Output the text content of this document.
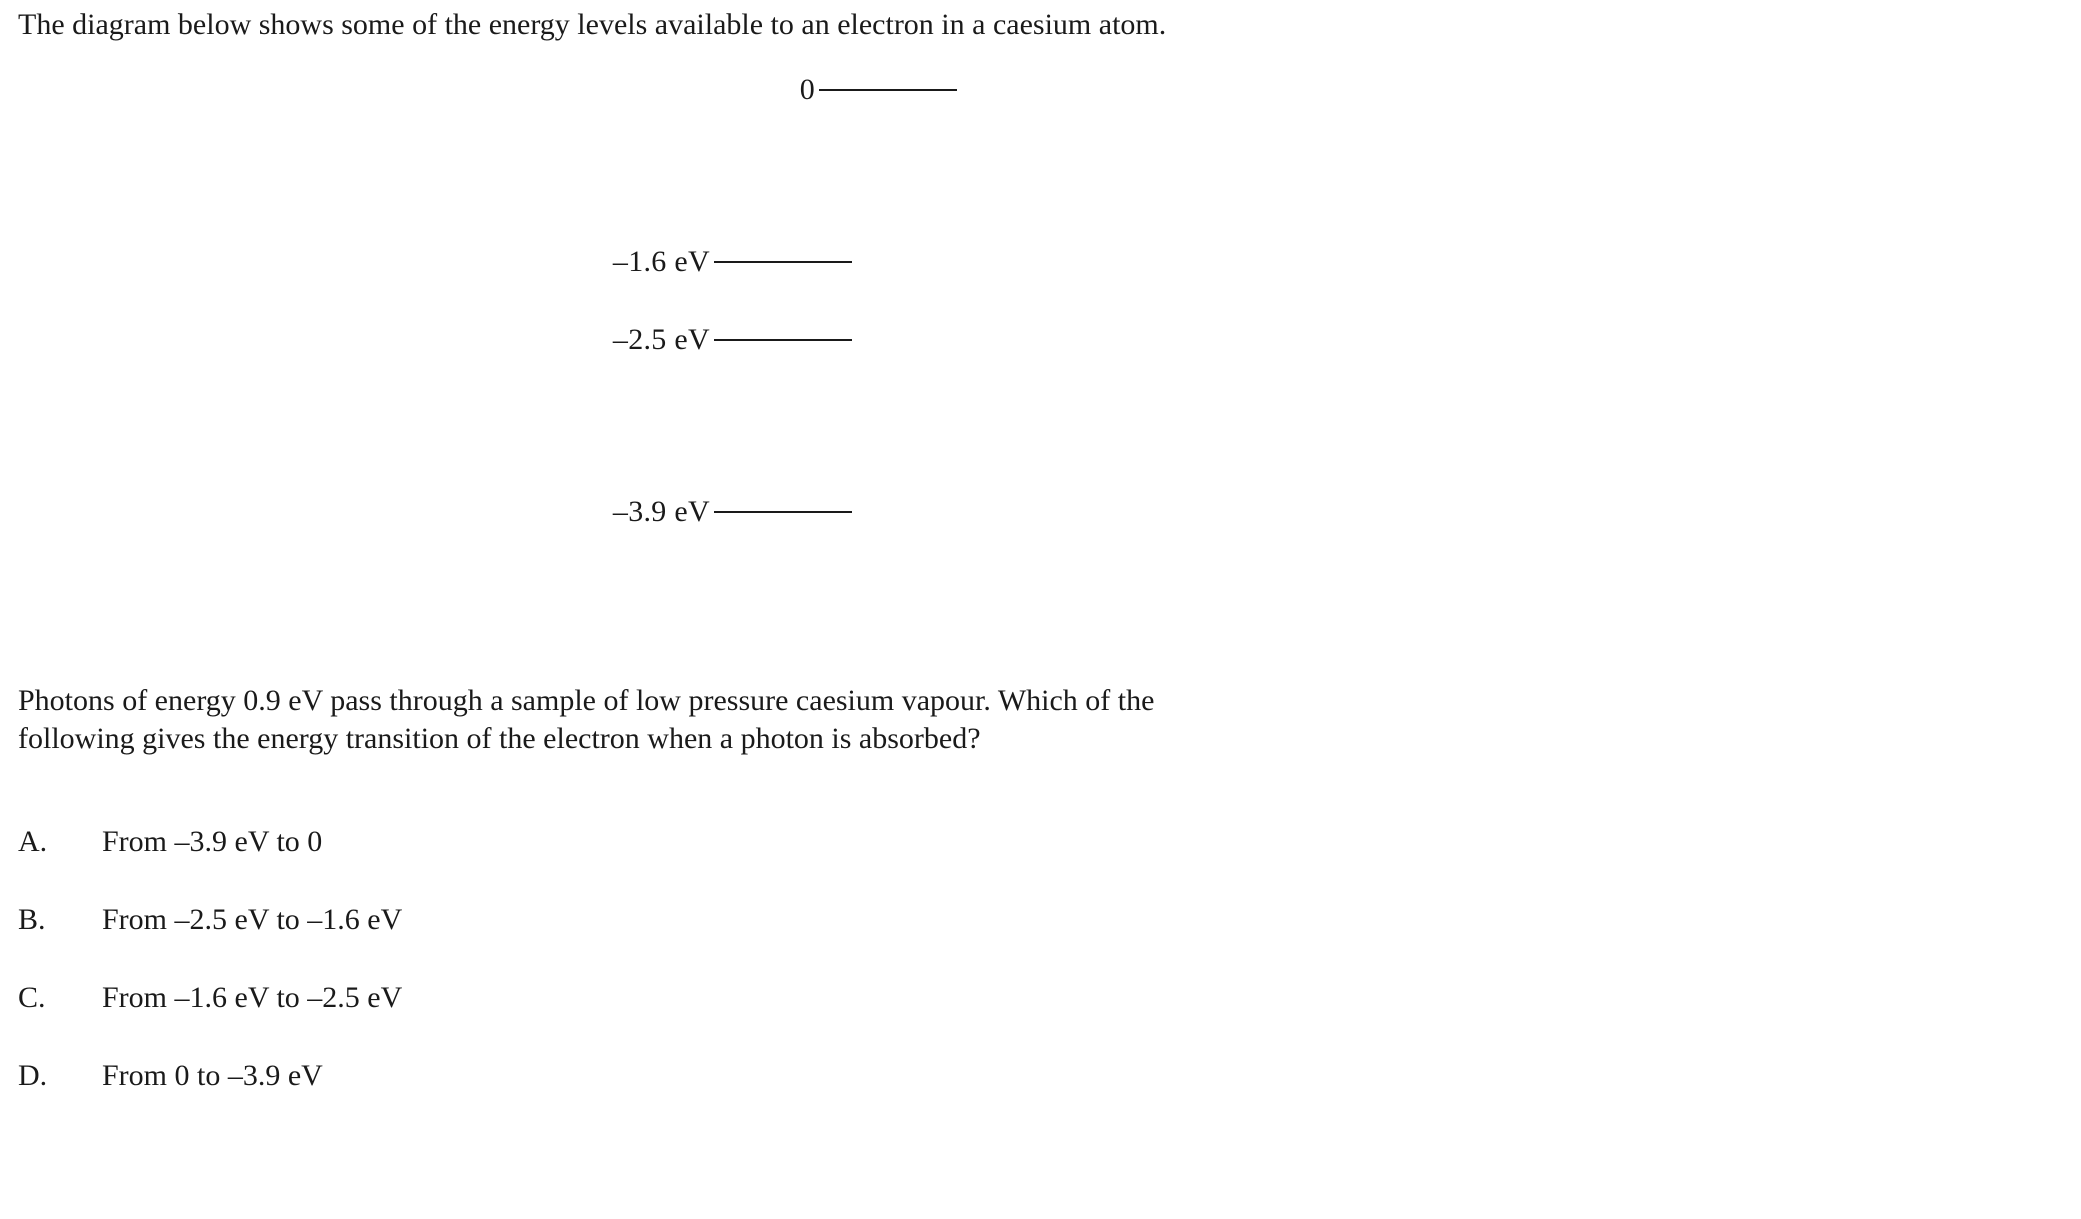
The diagram below shows some of the energy levels available to an electron in a caesium atom.
0
–1.6 eV
–2.5 eV
–3.9 eV
Photons of energy 0.9 eV pass through a sample of low pressure caesium vapour. Which of the
following gives the energy transition of the electron when a photon is absorbed?
A.	From –3.9 eV to 0
B.	From –2.5 eV to –1.6 eV
C.	From –1.6 eV to –2.5 eV
D.	From 0 to –3.9 eV
